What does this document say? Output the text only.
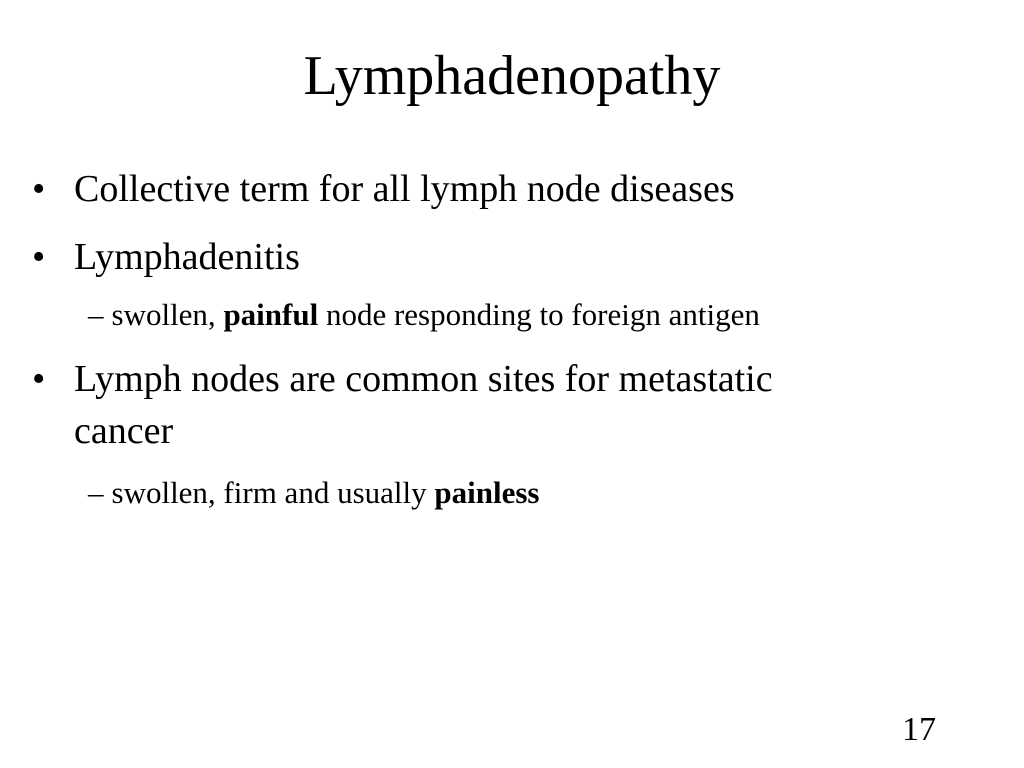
Lymphadenopathy
• Collective term for all lymph node diseases
• Lymphadenitis
– swollen, painful node responding to foreign antigen
• Lymph nodes are common sites for metastatic
cancer
– swollen, firm and usually painless
17
